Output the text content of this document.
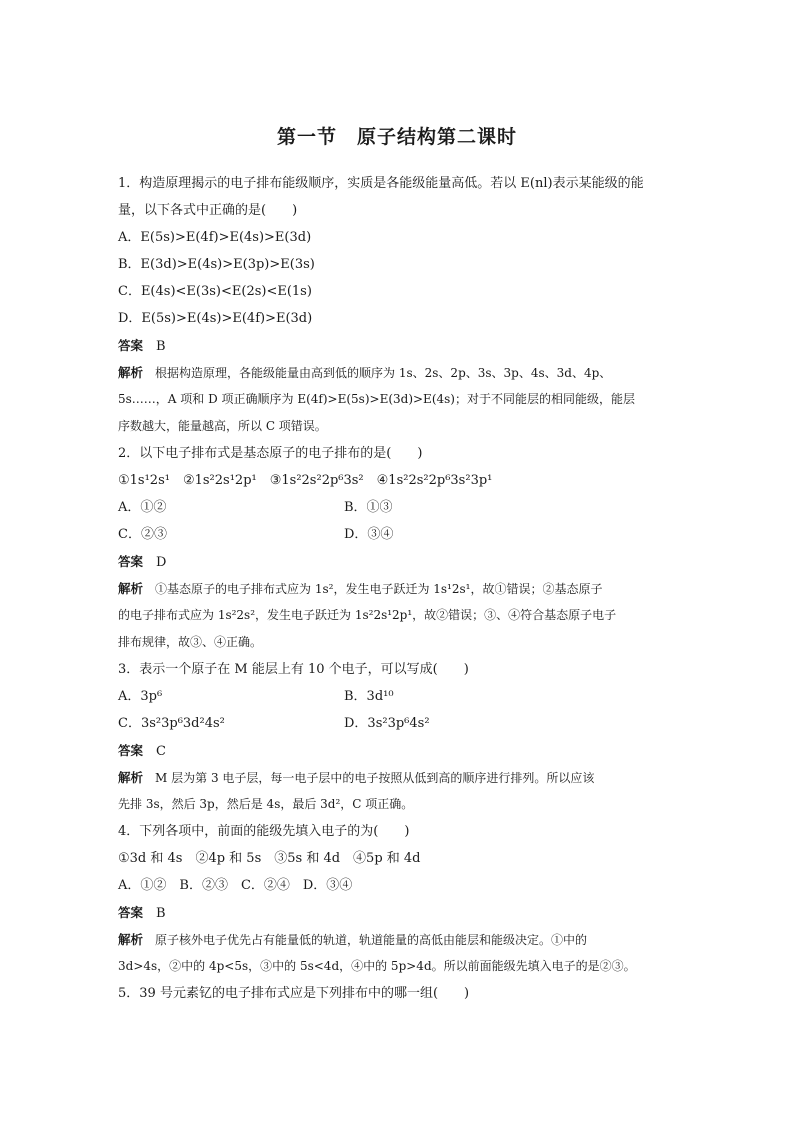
第一节　原子结构第二课时
1．构造原理揭示的电子排布能级顺序，实质是各能级能量高低。若以 E(nl)表示某能级的能
量，以下各式中正确的是(　　)
A．E(5s)>E(4f)>E(4s)>E(3d)
B．E(3d)>E(4s)>E(3p)>E(3s)
C．E(4s)<E(3s)<E(2s)<E(1s)
D．E(5s)>E(4s)>E(4f)>E(3d)
答案　 B
解析　 根据构造原理，各能级能量由高到低的顺序为 1s、2s、2p、3s、3p、4s、3d、4p、
5s……，A 项和 D 项正确顺序为 E(4f)>E(5s)>E(3d)>E(4s)；对于不同能层的相同能级，能层
序数越大，能量越高，所以 C 项错误。
2．以下电子排布式是基态原子的电子排布的是(　　)
①1s¹2s¹　②1s²2s¹2p¹　③1s²2s²2p⁶3s²　④1s²2s²2p⁶3s²3p¹
A．①②	B．①③
C．②③	D．③④
答案　 D
解析　 ①基态原子的电子排布式应为 1s²，发生电子跃迁为 1s¹2s¹，故①错误；②基态原子
的电子排布式应为 1s²2s²，发生电子跃迁为 1s²2s¹2p¹，故②错误；③、④符合基态原子电子
排布规律，故③、④正确。
3．表示一个原子在 M 能层上有 10 个电子，可以写成(　　)
A．3p⁶	B．3d¹⁰
C．3s²3p⁶3d²4s²	D．3s²3p⁶4s²
答案　 C
解析　 M 层为第 3 电子层，每一电子层中的电子按照从低到高的顺序进行排列。所以应该
先排 3s，然后 3p，然后是 4s，最后 3d²，C 项正确。
4．下列各项中，前面的能级先填入电子的为(　　)
①3d 和 4s　②4p 和 5s　③5s 和 4d　④5p 和 4d
A．①②　B．②③　C．②④　D．③④
答案　 B
解析　 原子核外电子优先占有能量低的轨道，轨道能量的高低由能层和能级决定。①中的
3d>4s，②中的 4p<5s，③中的 5s<4d，④中的 5p>4d。所以前面能级先填入电子的是②③。
5．39 号元素钇的电子排布式应是下列排布中的哪一组(　　)
